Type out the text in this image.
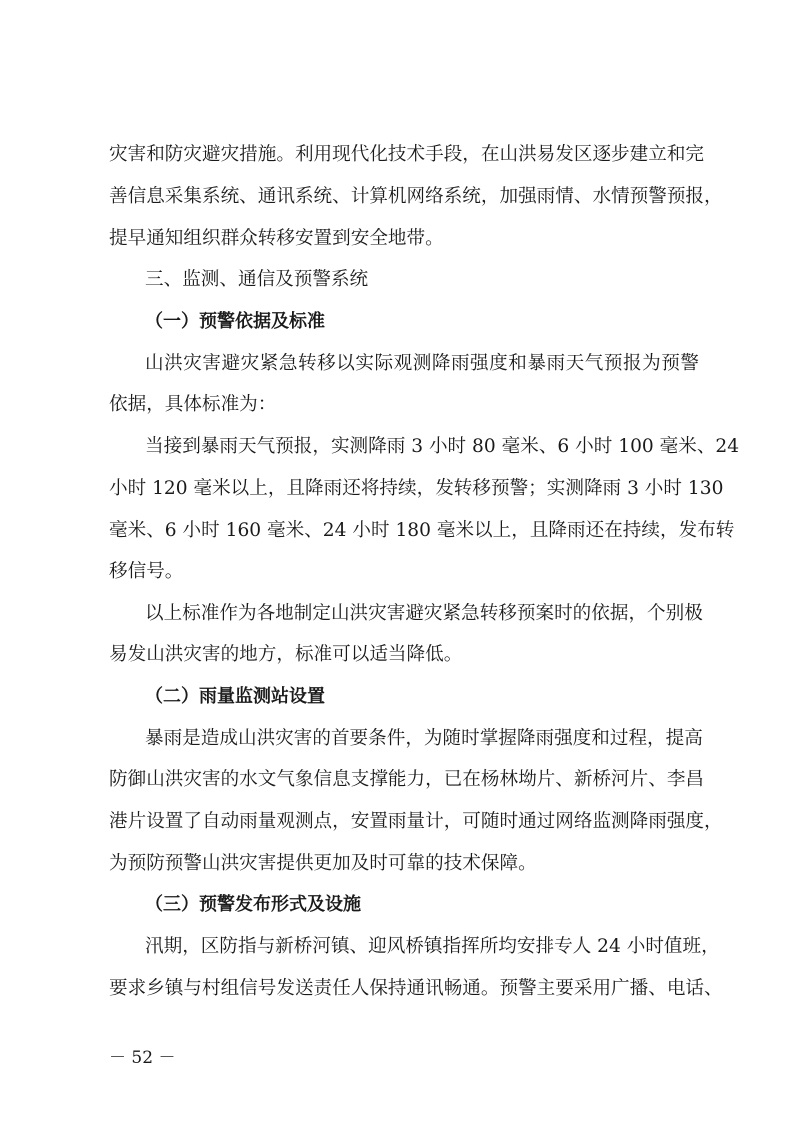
灾害和防灾避灾措施。利用现代化技术手段，在山洪易发区逐步建立和完
善信息采集系统、通讯系统、计算机网络系统，加强雨情、水情预警预报，
提早通知组织群众转移安置到安全地带。
三、监测、通信及预警系统
（一）预警依据及标准
山洪灾害避灾紧急转移以实际观测降雨强度和暴雨天气预报为预警
依据，具体标准为：
当接到暴雨天气预报，实测降雨 3 小时 80 毫米、6 小时 100 毫米、24
小时 120 毫米以上，且降雨还将持续，发转移预警；实测降雨 3 小时 130
毫米、6 小时 160 毫米、24 小时 180 毫米以上，且降雨还在持续，发布转
移信号。
以上标准作为各地制定山洪灾害避灾紧急转移预案时的依据，个别极
易发山洪灾害的地方，标准可以适当降低。
（二）雨量监测站设置
暴雨是造成山洪灾害的首要条件，为随时掌握降雨强度和过程，提高
防御山洪灾害的水文气象信息支撑能力，已在杨林坳片、新桥河片、李昌
港片设置了自动雨量观测点，安置雨量计，可随时通过网络监测降雨强度，
为预防预警山洪灾害提供更加及时可靠的技术保障。
（三）预警发布形式及设施
汛期，区防指与新桥河镇、迎风桥镇指挥所均安排专人 24 小时值班，
要求乡镇与村组信号发送责任人保持通讯畅通。预警主要采用广播、电话、
－ 52 －
